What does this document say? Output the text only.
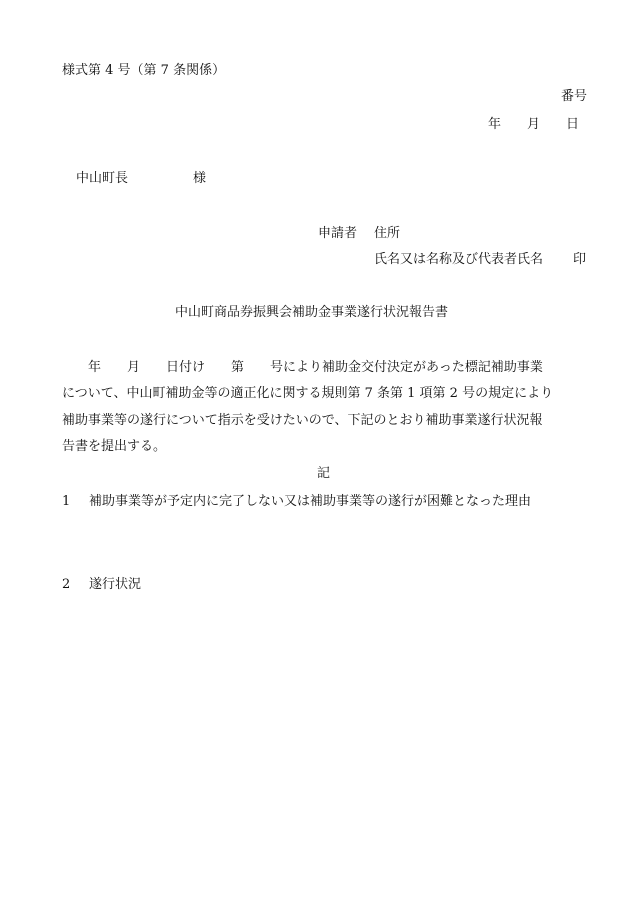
様式第 4 号（第 7 条関係）
番号
年　　月　　日
中山町長　　　　　様
申請者 住所
氏名又は名称及び代表者氏名 印
中山町商品券振興会補助金事業遂行状況報告書
　　年　　月　　日付け　　第　　号により補助金交付決定があった標記補助事業
について、中山町補助金等の適正化に関する規則第 7 条第 1 項第 2 号の規定により
補助事業等の遂行について指示を受けたいので、下記のとおり補助事業遂行状況報
告書を提出する。
記
1 補助事業等が予定内に完了しない又は補助事業等の遂行が困難となった理由
2 遂行状況
